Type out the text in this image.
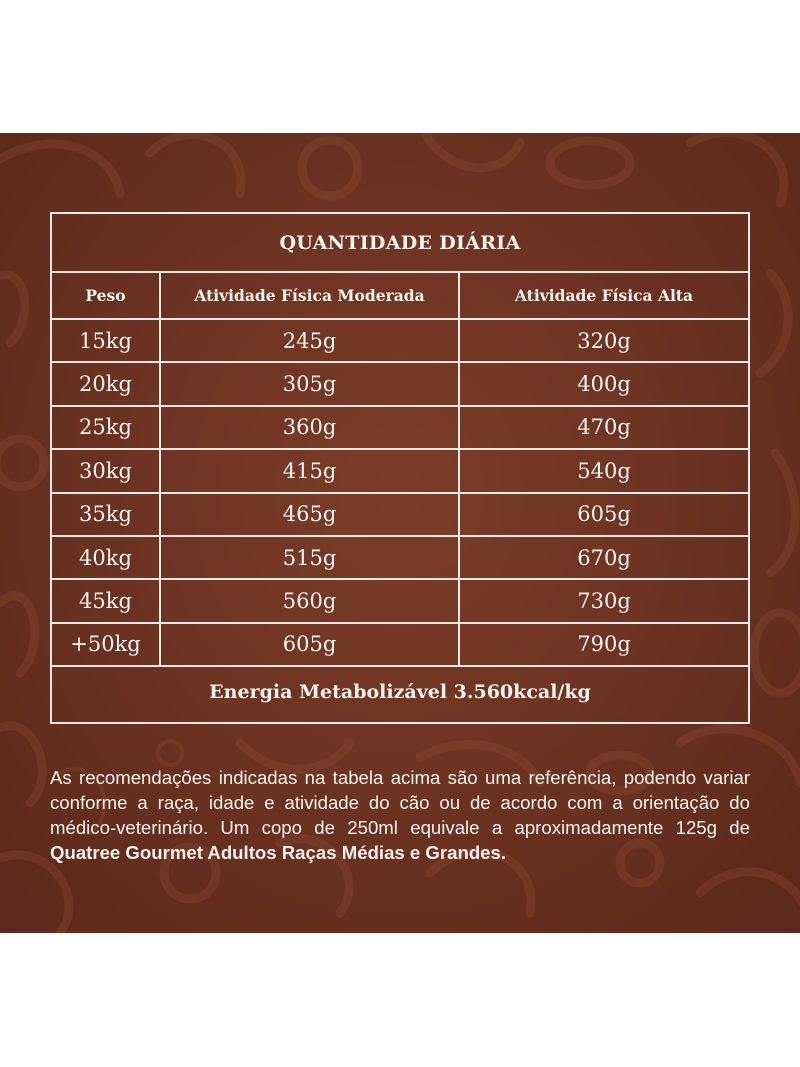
QUANTIDADE DIÁRIA
Peso	Atividade Física Moderada	Atividade Física Alta
15kg	245g	320g
20kg	305g	400g
25kg	360g	470g
30kg	415g	540g
35kg	465g	605g
40kg	515g	670g
45kg	560g	730g
+50kg	605g	790g
Energia Metabolizável 3.560kcal/kg
As recomendações indicadas na tabela acima são uma referência, podendo variar conforme a raça, idade e atividade do cão ou de acordo com a orientação do médico-veterinário. Um copo de 250ml equivale a aproximadamente 125g de Quatree Gourmet Adultos Raças Médias e Grandes.
